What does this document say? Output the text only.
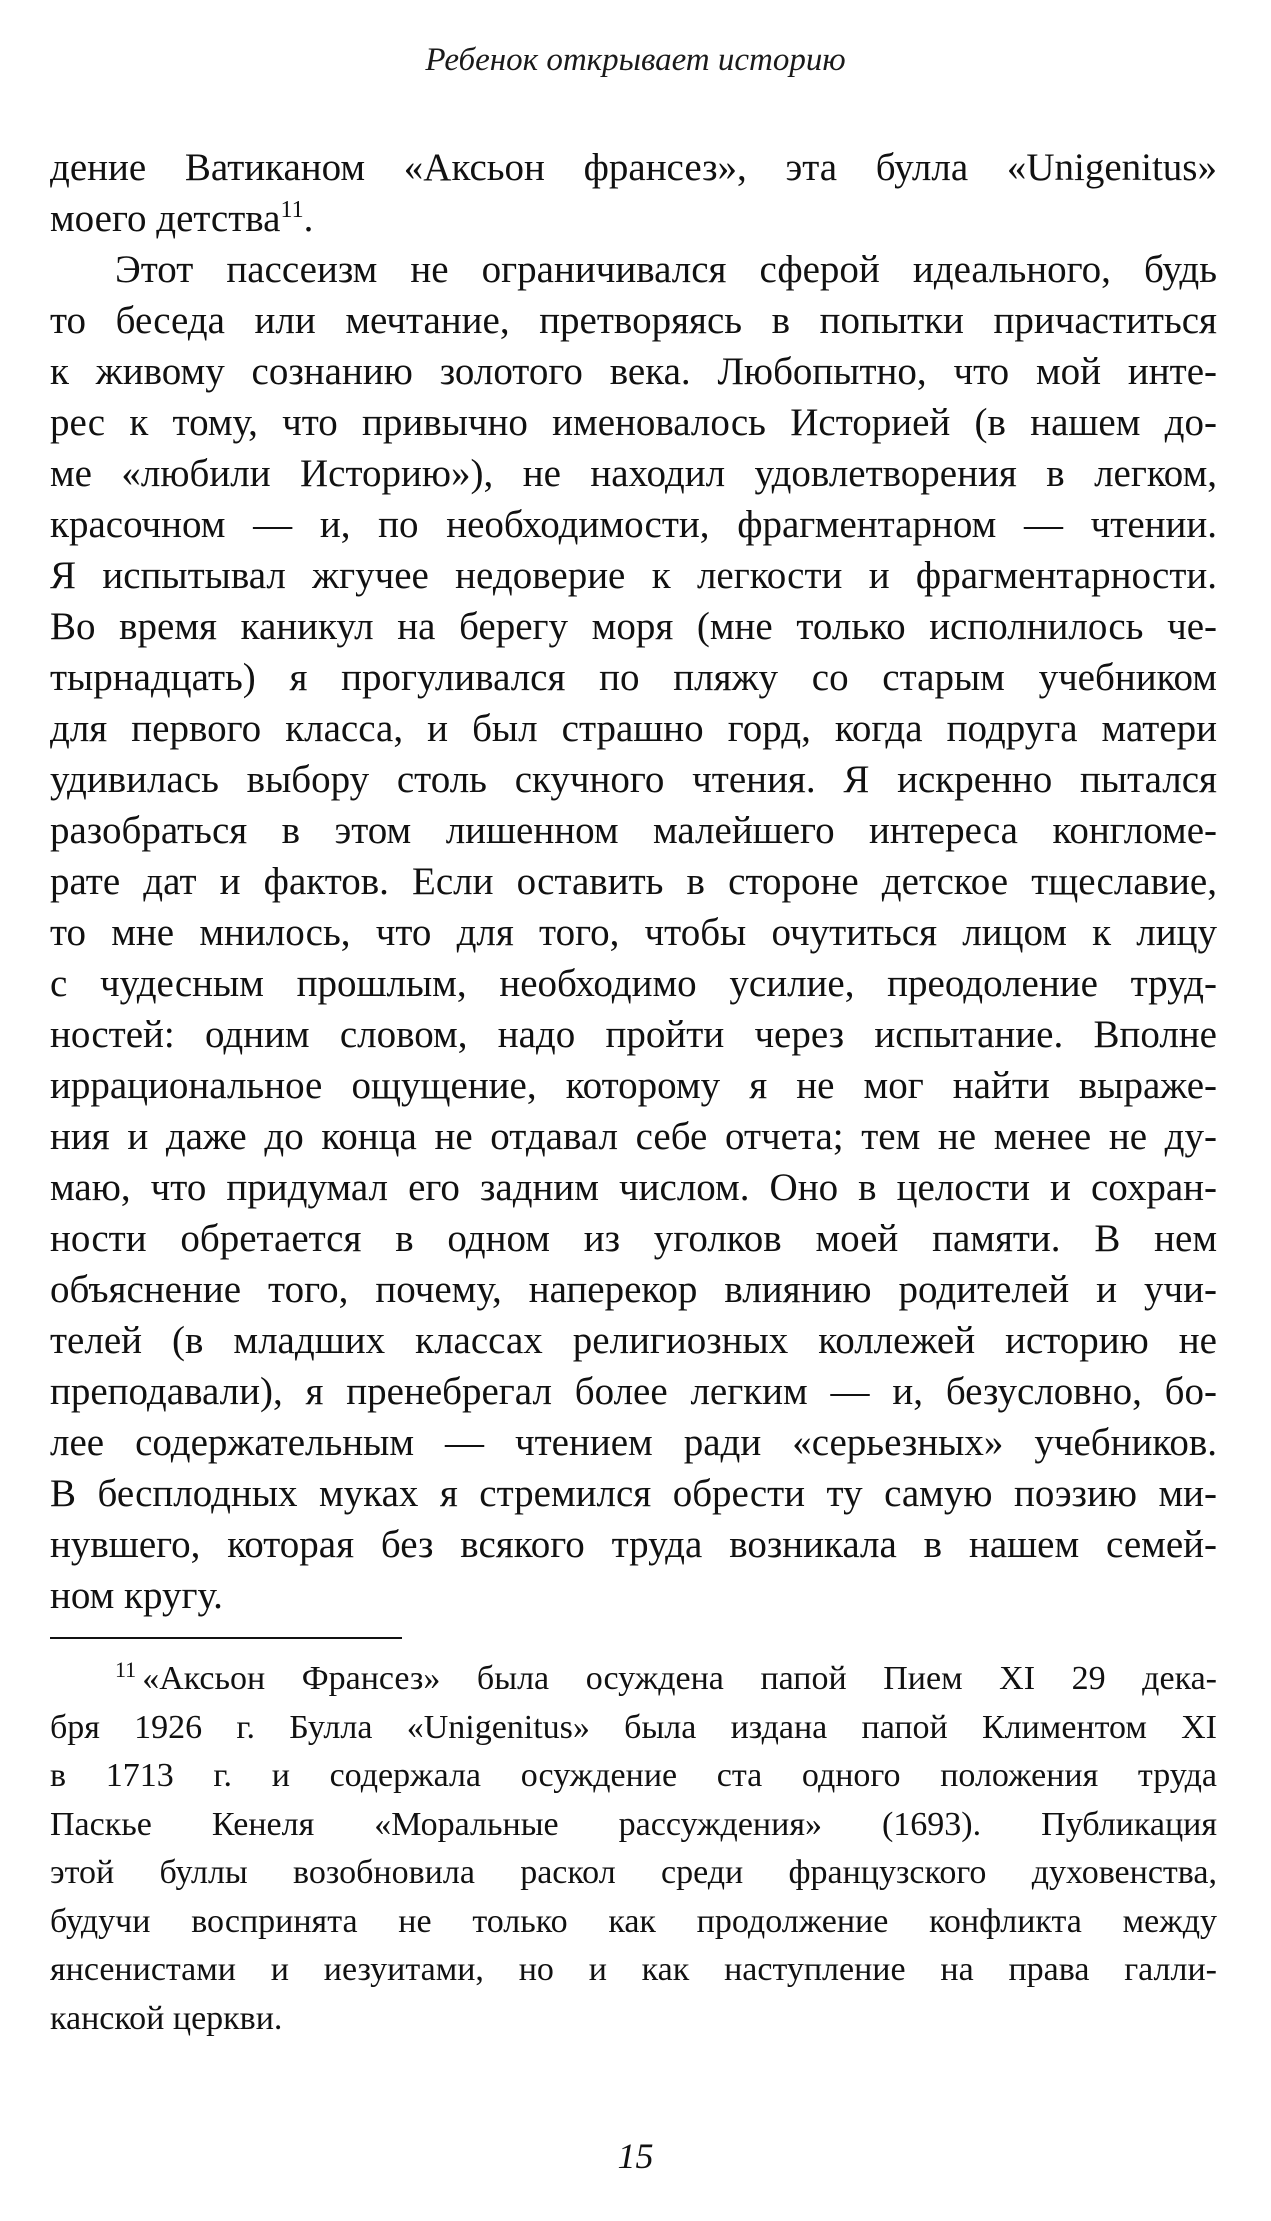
Ребенок открывает историю
дение Ватиканом «Аксьон франсез», эта булла «Unigenitus»
моего детства$^{11}$.
Этот пассеизм не ограничивался сферой идеального, будь
то беседа или мечтание, претворяясь в попытки причаститься
к живому сознанию золотого века. Любопытно, что мой инте-
рес к тому, что привычно именовалось Историей (в нашем до-
ме «любили Историю»), не находил удовлетворения в легком,
красочном — и, по необходимости, фрагментарном — чтении.
Я испытывал жгучее недоверие к легкости и фрагментарности.
Во время каникул на берегу моря (мне только исполнилось че-
тырнадцать) я прогуливался по пляжу со старым учебником
для первого класса, и был страшно горд, когда подруга матери
удивилась выбору столь скучного чтения. Я искренно пытался
разобраться в этом лишенном малейшего интереса конгломе-
рате дат и фактов. Если оставить в стороне детское тщеславие,
то мне мнилось, что для того, чтобы очутиться лицом к лицу
с чудесным прошлым, необходимо усилие, преодоление труд-
ностей: одним словом, надо пройти через испытание. Вполне
иррациональное ощущение, которому я не мог найти выраже-
ния и даже до конца не отдавал себе отчета; тем не менее не ду-
маю, что придумал его задним числом. Оно в целости и сохран-
ности обретается в одном из уголков моей памяти. В нем
объяснение того, почему, наперекор влиянию родителей и учи-
телей (в младших классах религиозных коллежей историю не
преподавали), я пренебрегал более легким — и, безусловно, бо-
лее содержательным — чтением ради «серьезных» учебников.
В бесплодных муках я стремился обрести ту самую поэзию ми-
нувшего, которая без всякого труда возникала в нашем семей-
ном кругу.
$^{11}$ «Аксьон Франсез» была осуждена папой Пием XI 29 дека-
бря 1926 г. Булла «Unigenitus» была издана папой Климентом XI
в 1713 г. и содержала осуждение ста одного положения труда
Паскье Кенеля «Моральные рассуждения» (1693). Публикация
этой буллы возобновила раскол среди французского духовенства,
будучи воспринята не только как продолжение конфликта между
янсенистами и иезуитами, но и как наступление на права галли-
канской церкви.
15
